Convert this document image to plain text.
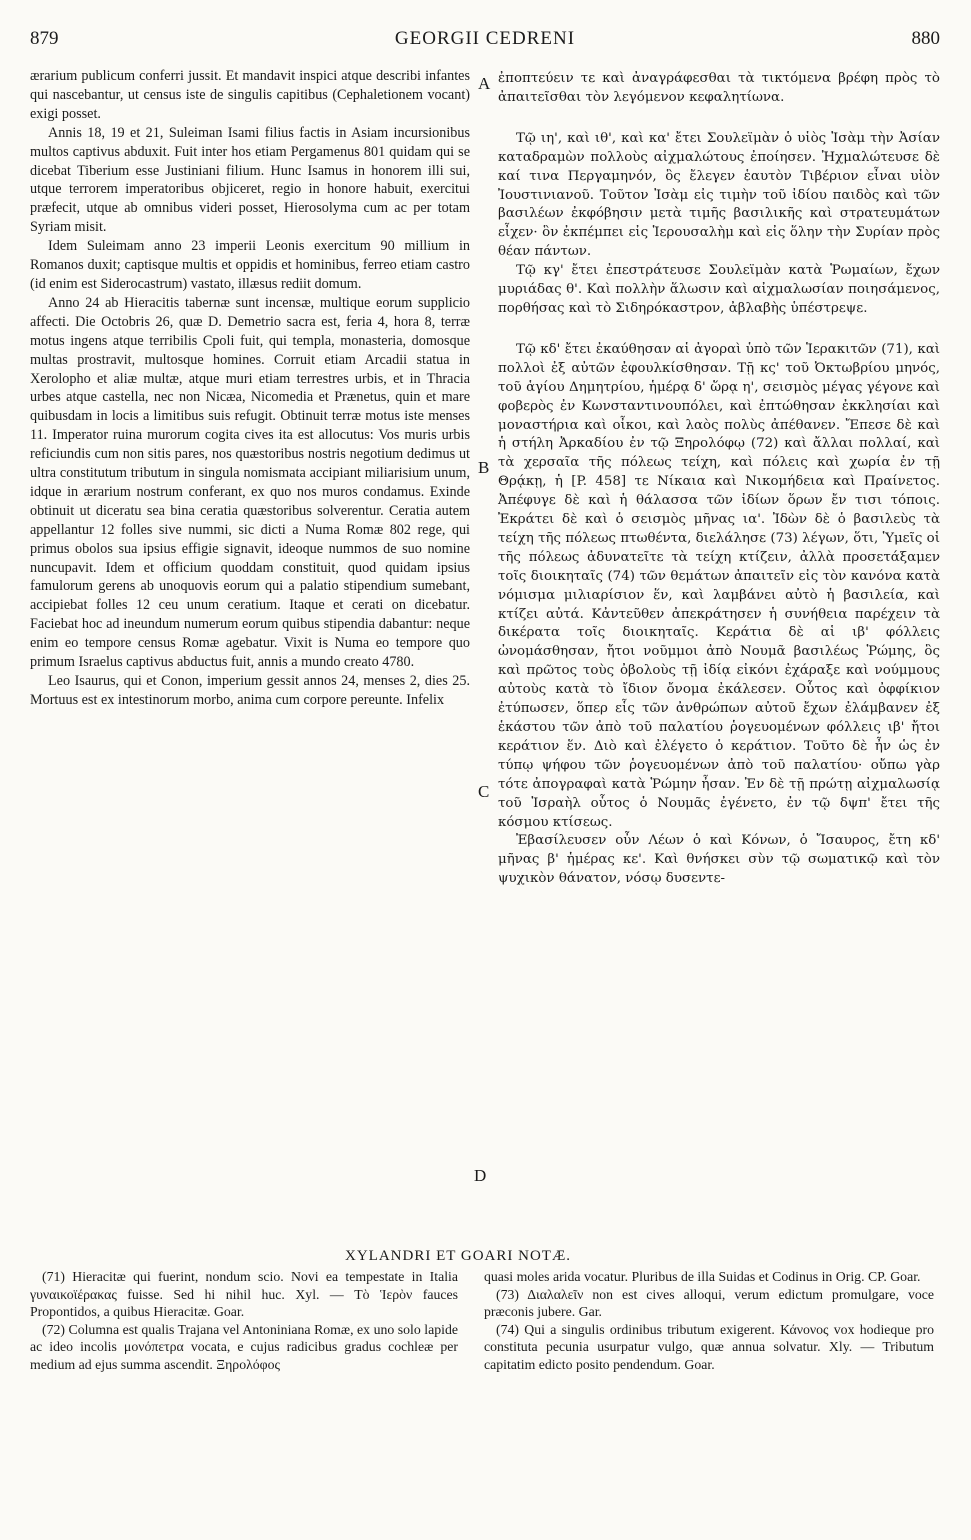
879	GEORGII CEDRENI	880
A
B
C
D

ærarium publicum conferri jussit. Et mandavit inspici atque describi infantes qui nascebantur, ut census iste de singulis capitibus (Cephaletionem vocant) exigi posset.

Annis 18, 19 et 21, Suleiman Isami filius factis in Asiam incursionibus multos captivus abduxit. Fuit inter hos etiam Pergamenus 801 quidam qui se dicebat Tiberium esse Justiniani filium. Hunc Isamus in honorem illi sui, utque terrorem imperatoribus objiceret, regio in honore habuit, exercitui præfecit, utque ab omnibus videri posset, Hierosolyma cum ac per totam Syriam misit.

Idem Suleimam anno 23 imperii Leonis exercitum 90 millium in Romanos duxit; captisque multis et oppidis et hominibus, ferreo etiam castro (id enim est Siderocastrum) vastato, illæsus rediit domum.

Anno 24 ab Hieracitis tabernæ sunt incensæ, multique eorum supplicio affecti. Die Octobris 26, quæ D. Demetrio sacra est, feria 4, hora 8, terræ motus ingens atque terribilis Cpoli fuit, qui templa, monasteria, domosque multas prostravit, multosque homines. Corruit etiam Arcadii statua in Xerolopho et aliæ multæ, atque muri etiam terrestres urbis, et in Thracia urbes atque castella, nec non Nicæa, Nicomedia et Prænetus, quin et mare quibusdam in locis a limitibus suis refugit. Obtinuit terræ motus iste menses 11. Imperator ruina murorum cogita cives ita est allocutus: Vos muris urbis reficiundis cum non sitis pares, nos quæstoribus nostris negotium dedimus ut ultra constitutum tributum in singula nomismata accipiant miliarisium unum, idque in ærarium nostrum conferant, ex quo nos muros condamus. Exinde obtinuit ut diceratu sea bina ceratia quæstoribus solverentur. Ceratia autem appellantur 12 folles sive nummi, sic dicti a Numa Romæ 802 rege, qui primus obolos sua ipsius effigie signavit, ideoque nummos de suo nomine nuncupavit. Idem et officium quoddam constituit, quod quidam ipsius famulorum gerens ab unoquovis eorum qui a palatio stipendium sumebant, accipiebat folles 12 ceu unum ceratium. Itaque et cerati on dicebatur. Faciebat hoc ad ineundum numerum eorum quibus stipendia dabantur: neque enim eo tempore census Romæ agebatur. Vixit is Numa eo tempore quo primum Israelus captivus abductus fuit, annis a mundo creato 4780.

Leo Isaurus, qui et Conon, imperium gessit annos 24, menses 2, dies 25. Mortuus est ex intestinorum morbo, anima cum corpore pereunte. Infelix

ἐποπτεύειν τε καὶ ἀναγράφεσθαι τὰ τικτόμενα βρέφη πρὸς τὸ ἀπαιτεῖσθαι τὸν λεγόμενον κεφαλητίωνα.

Τῷ ιη', καὶ ιθ', καὶ κα' ἔτει Σουλεϊμὰν ὁ υἱὸς Ἰσὰμ τὴν Ἀσίαν καταδραμὼν πολλοὺς αἰχμαλώτους ἐποίησεν. Ἠχμαλώτευσε δὲ καί τινα Περγαμηνόν, ὃς ἔλεγεν ἑαυτὸν Τιβέριον εἶναι υἱὸν Ἰουστινιανοῦ. Τοῦτον Ἰσὰμ εἰς τιμὴν τοῦ ἰδίου παιδὸς καὶ τῶν βασιλέων ἐκφόβησιν μετὰ τιμῆς βασιλικῆς καὶ στρατευμάτων εἶχεν· ὃν ἐκπέμπει εἰς Ἱερουσαλὴμ καὶ εἰς ὅλην τὴν Συρίαν πρὸς θέαν πάντων.

Τῷ κγ' ἔτει ἐπεστράτευσε Σουλεϊμὰν κατὰ Ῥωμαίων, ἔχων μυριάδας θ'. Καὶ πολλὴν ἅλωσιν καὶ αἰχμαλωσίαν ποιησάμενος, πορθήσας καὶ τὸ Σιδηρόκαστρον, ἀβλαβὴς ὑπέστρεψε.

Τῷ κδ' ἔτει ἐκαύθησαν αἱ ἀγοραὶ ὑπὸ τῶν Ἱερακιτῶν (71), καὶ πολλοὶ ἐξ αὐτῶν ἐφουλκίσθησαν. Τῇ κς' τοῦ Ὀκτωβρίου μηνός, τοῦ ἁγίου Δημητρίου, ἡμέρᾳ δ' ὥρᾳ η', σεισμὸς μέγας γέγονε καὶ φοβερὸς ἐν Κωνσταντινουπόλει, καὶ ἐπτώθησαν ἐκκλησίαι καὶ μοναστήρια καὶ οἶκοι, καὶ λαὸς πολὺς ἀπέθανεν. Ἔπεσε δὲ καὶ ἡ στήλη Ἀρκαδίου ἐν τῷ Ξηρολόφῳ (72) καὶ ἄλλαι πολλαί, καὶ τὰ χερσαῖα τῆς πόλεως τείχη, καὶ πόλεις καὶ χωρία ἐν τῇ Θρᾴκῃ, ἡ [P. 458] τε Νίκαια καὶ Νικομήδεια καὶ Πραίνετος. Ἀπέφυγε δὲ καὶ ἡ θάλασσα τῶν ἰδίων ὅρων ἔν τισι τόποις. Ἐκράτει δὲ καὶ ὁ σεισμὸς μῆνας ια'. Ἰδὼν δὲ ὁ βασιλεὺς τὰ τείχη τῆς πόλεως πτωθέντα, διελάλησε (73) λέγων, ὅτι, Ὑμεῖς οἱ τῆς πόλεως ἀδυνατεῖτε τὰ τείχη κτίζειν, ἀλλὰ προσετάξαμεν τοῖς διοικηταῖς (74) τῶν θεμάτων ἀπαιτεῖν εἰς τὸν κανόνα κατὰ νόμισμα μιλιαρίσιον ἕν, καὶ λαμβάνει αὐτὸ ἡ βασιλεία, καὶ κτίζει αὐτά. Κἀντεῦθεν ἀπεκράτησεν ἡ συνήθεια παρέχειν τὰ δικέρατα τοῖς διοικηταῖς. Κεράτια δὲ αἱ ιβ' φόλλεις ὠνομάσθησαν, ἤτοι νοῦμμοι ἀπὸ Νουμᾶ βασιλέως Ῥώμης, ὃς καὶ πρῶτος τοὺς ὀβολοὺς τῇ ἰδίᾳ εἰκόνι ἐχάραξε καὶ νούμμους αὐτοὺς κατὰ τὸ ἴδιον ὄνομα ἐκάλεσεν. Οὗτος καὶ ὀφφίκιον ἐτύπωσεν, ὅπερ εἷς τῶν ἀνθρώπων αὐτοῦ ἔχων ἐλάμβανεν ἐξ ἑκάστου τῶν ἀπὸ τοῦ παλατίου ῥογευομένων φόλλεις ιβ' ἤτοι κεράτιον ἕν. Διὸ καὶ ἐλέγετο ὁ κεράτιον. Τοῦτο δὲ ἦν ὡς ἐν τύπῳ ψήφου τῶν ῥογευομένων ἀπὸ τοῦ παλατίου· οὔπω γὰρ τότε ἀπογραφαὶ κατὰ Ῥώμην ἦσαν. Ἐν δὲ τῇ πρώτῃ αἰχμαλωσίᾳ τοῦ Ἰσραὴλ οὗτος ὁ Νουμᾶς ἐγένετο, ἐν τῷ δψπ' ἔτει τῆς κόσμου κτίσεως.

Ἐβασίλευσεν οὖν Λέων ὁ καὶ Κόνων, ὁ Ἴσαυρος, ἔτη κδ' μῆνας β' ἡμέρας κε'. Καὶ θνήσκει σὺν τῷ σωματικῷ καὶ τὸν ψυχικὸν θάνατον, νόσῳ δυσεντε-

XYLANDRI ET GOARI NOTÆ.

(71) Hieracitæ qui fuerint, nondum scio. Novi ea tempestate in Italia γυναικοϊέρακας fuisse. Sed hi nihil huc. Xyl. — Τὸ Ἱερὸν fauces Propontidos, a quibus Hieracitæ. Goar.

(72) Columna est qualis Trajana vel Antoniniana Romæ, ex uno solo lapide ac ideo incolis μονόπετρα vocata, e cujus radicibus gradus cochleæ per medium ad ejus summa ascendit. Ξηρολόφος

quasi moles arida vocatur. Pluribus de illa Suidas et Codinus in Orig. CP. Goar.

(73) Διαλαλεῖν non est cives alloqui, verum edictum promulgare, voce præconis jubere. Gar.

(74) Qui a singulis ordinibus tributum exigerent. Κάνονος vox hodieque pro constituta pecunia usurpatur vulgo, quæ annua solvatur. Xly. — Tributum capitatim edicto posito pendendum. Goar.
